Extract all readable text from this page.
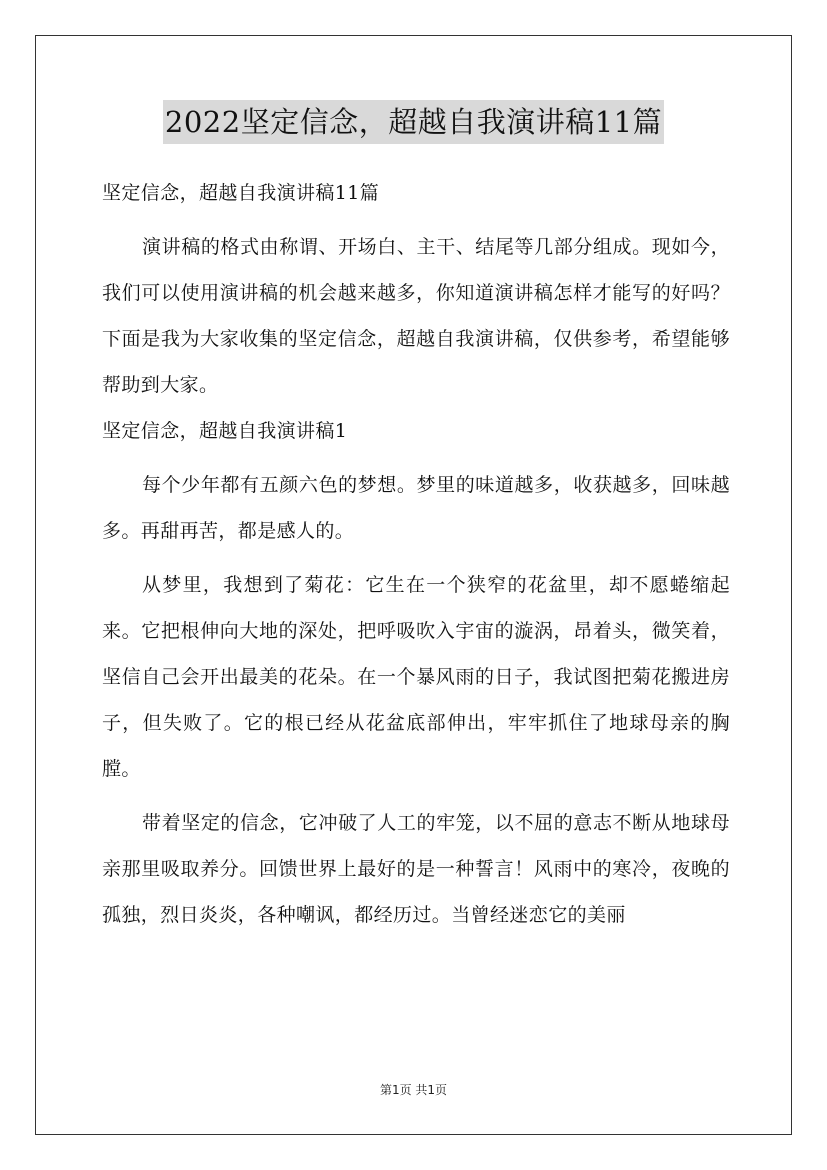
2022坚定信念，超越自我演讲稿11篇

坚定信念，超越自我演讲稿11篇

演讲稿的格式由称谓、开场白、主干、结尾等几部分组成。现如今，我们可以使用演讲稿的机会越来越多，你知道演讲稿怎样才能写的好吗？下面是我为大家收集的坚定信念，超越自我演讲稿，仅供参考，希望能够帮助到大家。

坚定信念，超越自我演讲稿1

每个少年都有五颜六色的梦想。梦里的味道越多，收获越多，回味越多。再甜再苦，都是感人的。

从梦里，我想到了菊花：它生在一个狭窄的花盆里，却不愿蜷缩起来。它把根伸向大地的深处，把呼吸吹入宇宙的漩涡，昂着头，微笑着，坚信自己会开出最美的花朵。在一个暴风雨的日子，我试图把菊花搬进房子，但失败了。它的根已经从花盆底部伸出，牢牢抓住了地球母亲的胸膛。

带着坚定的信念，它冲破了人工的牢笼，以不屈的意志不断从地球母亲那里吸取养分。回馈世界上最好的是一种誓言！风雨中的寒冷，夜晚的孤独，烈日炎炎，各种嘲讽，都经历过。当曾经迷恋它的美丽

第1页 共1页
